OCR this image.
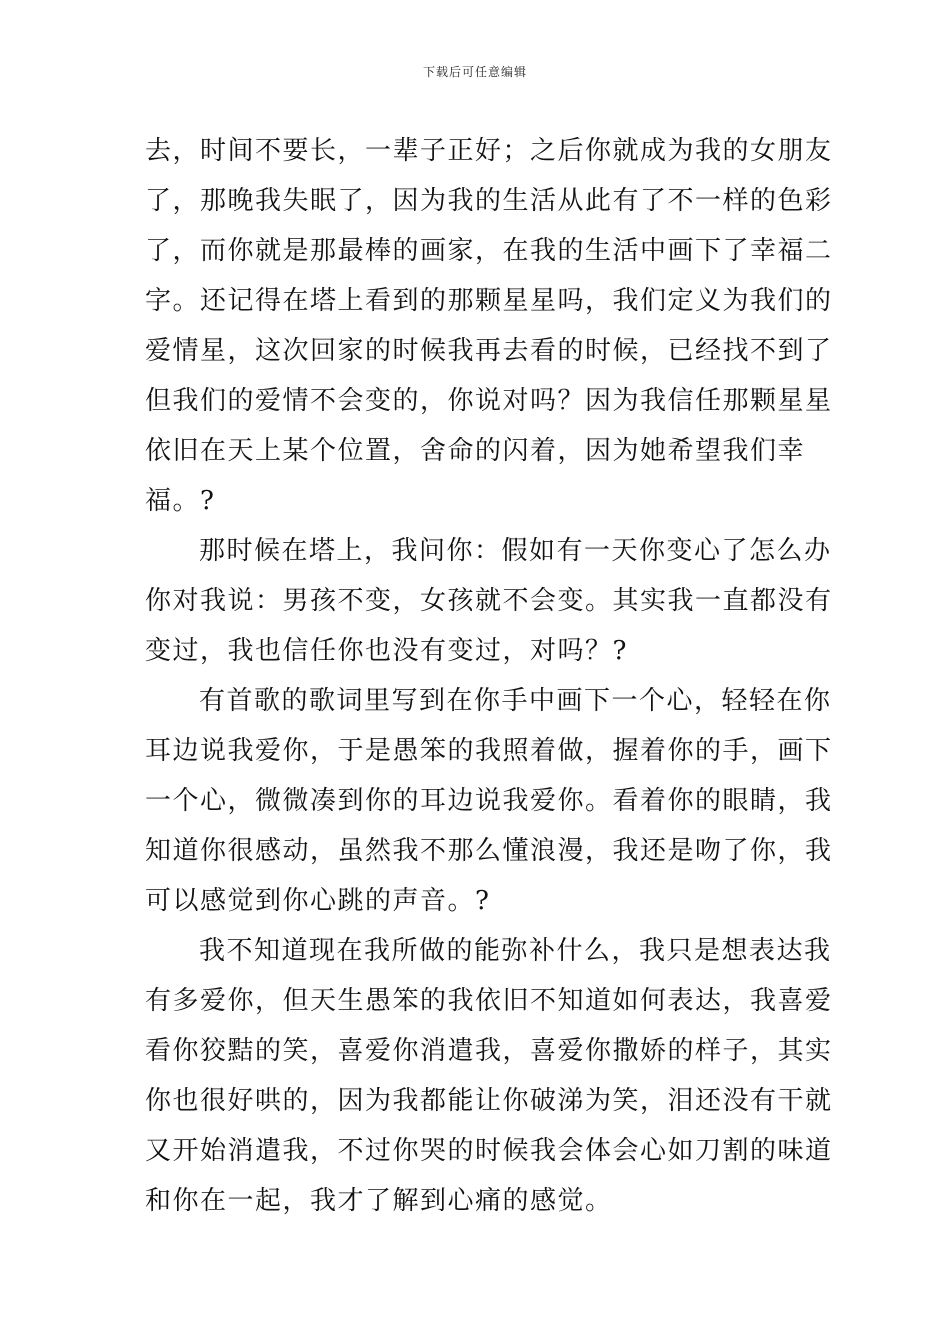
下载后可任意编辑

去，时间不要长，一辈子正好；之后你就成为我的女朋友
了，那晚我失眠了，因为我的生活从此有了不一样的色彩
了，而你就是那最棒的画家，在我的生活中画下了幸福二
字。还记得在塔上看到的那颗星星吗，我们定义为我们的
爱情星，这次回家的时候我再去看的时候，已经找不到了
但我们的爱情不会变的，你说对吗？因为我信任那颗星星
依旧在天上某个位置，舍命的闪着，因为她希望我们幸
福。?

那时候在塔上，我问你：假如有一天你变心了怎么办
你对我说：男孩不变，女孩就不会变。其实我一直都没有
变过，我也信任你也没有变过，对吗？?

有首歌的歌词里写到在你手中画下一个心，轻轻在你
耳边说我爱你，于是愚笨的我照着做，握着你的手，画下
一个心，微微凑到你的耳边说我爱你。看着你的眼睛，我
知道你很感动，虽然我不那么懂浪漫，我还是吻了你，我
可以感觉到你心跳的声音。?

我不知道现在我所做的能弥补什么，我只是想表达我
有多爱你，但天生愚笨的我依旧不知道如何表达，我喜爱
看你狡黠的笑，喜爱你消遣我，喜爱你撒娇的样子，其实
你也很好哄的，因为我都能让你破涕为笑，泪还没有干就
又开始消遣我，不过你哭的时候我会体会心如刀割的味道
和你在一起，我才了解到心痛的感觉。
